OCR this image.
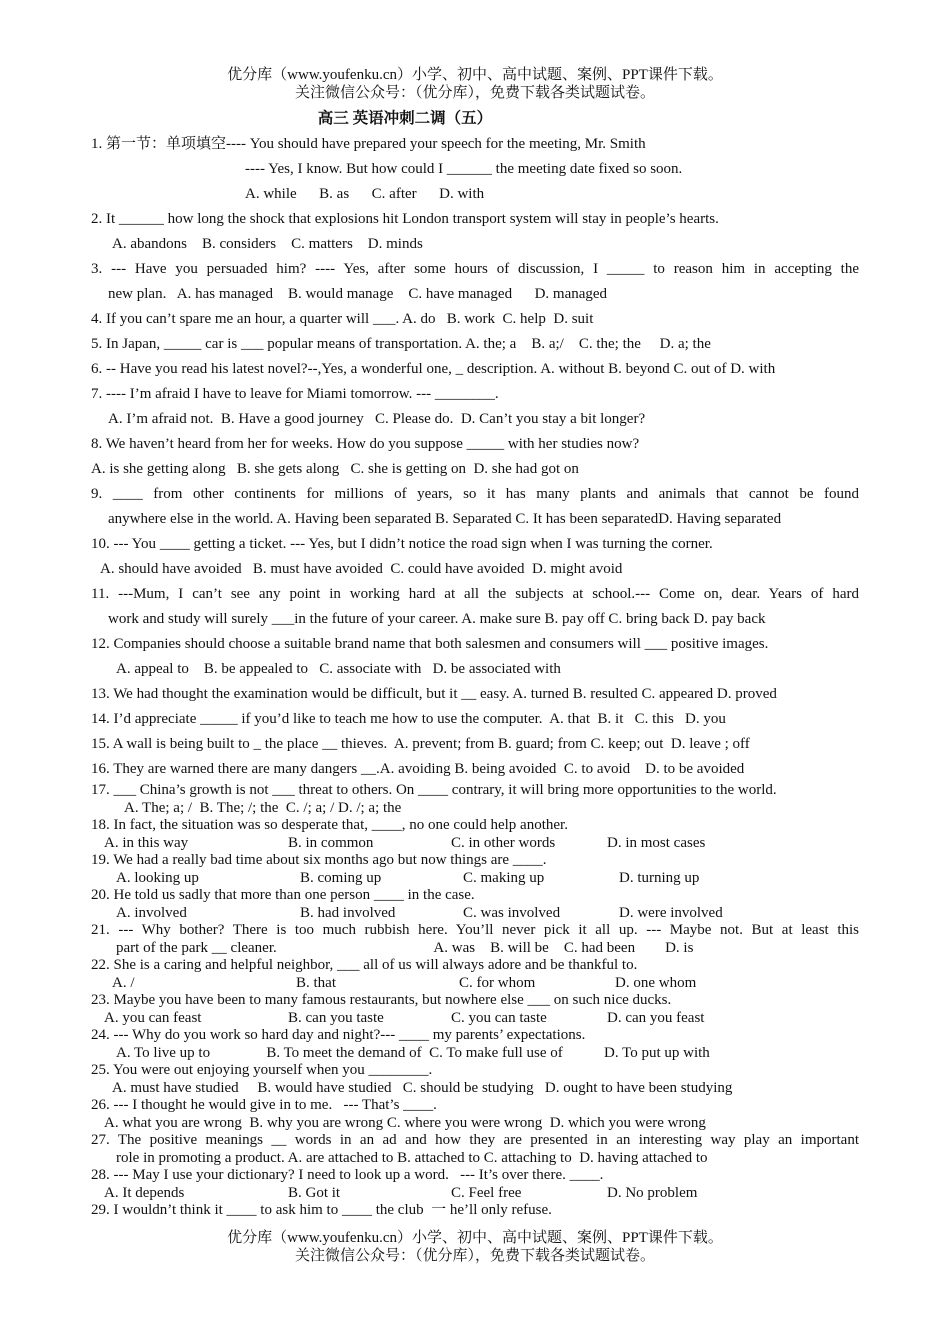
优分库（www.youfenku.cn）小学、初中、高中试题、案例、PPT课件下载。
关注微信公众号：（优分库），免费下载各类试题试卷。
高三 英语冲刺二调（五）
1. 第一节：单项填空---- You should have prepared your speech for the meeting, Mr. Smith
---- Yes, I know. But how could I ______ the meeting date fixed so soon.
A. while      B. as      C. after      D. with
2. It ______ how long the shock that explosions hit London transport system will stay in people’s hearts.
A. abandons    B. considers    C. matters    D. minds
3. --- Have you persuaded him? ---- Yes, after some hours of discussion, I _____ to reason him in accepting the
new plan.   A. has managed    B. would manage    C. have managed      D. managed
4. If you can’t spare me an hour, a quarter will ___. A. do   B. work  C. help  D. suit
5. In Japan, _____ car is ___ popular means of transportation. A. the; a    B. a;/    C. the; the     D. a; the
6. -- Have you read his latest novel?--,Yes, a wonderful one, _ description. A. without B. beyond C. out of D. with
7. ---- I’m afraid I have to leave for Miami tomorrow. --- ________.
A. I’m afraid not.  B. Have a good journey   C. Please do.  D. Can’t you stay a bit longer?
8. We haven’t heard from her for weeks. How do you suppose _____ with her studies now?
A. is she getting along   B. she gets along   C. she is getting on  D. she had got on
9. ____ from other continents for millions of years, so it has many plants and animals that cannot be found
anywhere else in the world. A. Having been separated B. Separated C. It has been separatedD. Having separated
10. --- You ____ getting a ticket. --- Yes, but I didn’t notice the road sign when I was turning the corner.
A. should have avoided   B. must have avoided  C. could have avoided  D. might avoid
11. ---Mum, I can’t see any point in working hard at all the subjects at school.--- Come on, dear. Years of hard
work and study will surely ___in the future of your career. A. make sure B. pay off C. bring back D. pay back
12. Companies should choose a suitable brand name that both salesmen and consumers will ___ positive images.
A. appeal to    B. be appealed to   C. associate with   D. be associated with
13. We had thought the examination would be difficult, but it __ easy. A. turned B. resulted C. appeared D. proved
14. I’d appreciate _____ if you’d like to teach me how to use the computer.  A. that  B. it   C. this   D. you
15. A wall is being built to _ the place __ thieves.  A. prevent; from B. guard; from C. keep; out  D. leave ; off
16. They are warned there are many dangers __.A. avoiding B. being avoided  C. to avoid    D. to be avoided
17. ___ China’s growth is not ___ threat to others. On ____ contrary, it will bring more opportunities to the world.
A. The; a; /  B. The; /; the  C. /; a; / D. /; a; the
18. In fact, the situation was so desperate that, ____, no one could help another.
A. in this way	B. in common	C. in other words	D. in most cases
19. We had a really bad time about six months ago but now things are ____.
A. looking up	B. coming up	C. making up	D. turning up
20. He told us sadly that more than one person ____ in the case.
A. involved	B. had involved	C. was involved	D. were involved
21. --- Why bother? There is too much rubbish here. You’ll never pick it all up. --- Maybe not. But at least this
part of the park __ cleaner.                                          A. was    B. will be    C. had been        D. is
22. She is a caring and helpful neighbor, ___ all of us will always adore and be thankful to.
A. /	B. that	C. for whom	D. one whom
23. Maybe you have been to many famous restaurants, but nowhere else ___ on such nice ducks.
A. you can feast	B. can you taste	C. you can taste	D. can you feast
24. --- Why do you work so hard day and night?--- ____ my parents’ expectations.
A. To live up to               B. To meet the demand of  C. To make full use of           D. To put up with
25. You were out enjoying yourself when you ________.
A. must have studied     B. would have studied   C. should be studying   D. ought to have been studying
26. --- I thought he would give in to me.   --- That’s ____.
A. what you are wrong  B. why you are wrong C. where you were wrong  D. which you were wrong
27. The positive meanings __ words in an ad and how they are presented in an interesting way play an important
role in promoting a product. A. are attached to B. attached to C. attaching to  D. having attached to
28. --- May I use your dictionary? I need to look up a word.   --- It’s over there. ____.
A. It depends	B. Got it	C. Feel free	D. No problem
29. I wouldn’t think it ____ to ask him to ____ the club  一 he’ll only refuse.
优分库（www.youfenku.cn）小学、初中、高中试题、案例、PPT课件下载。
关注微信公众号：（优分库），免费下载各类试题试卷。
